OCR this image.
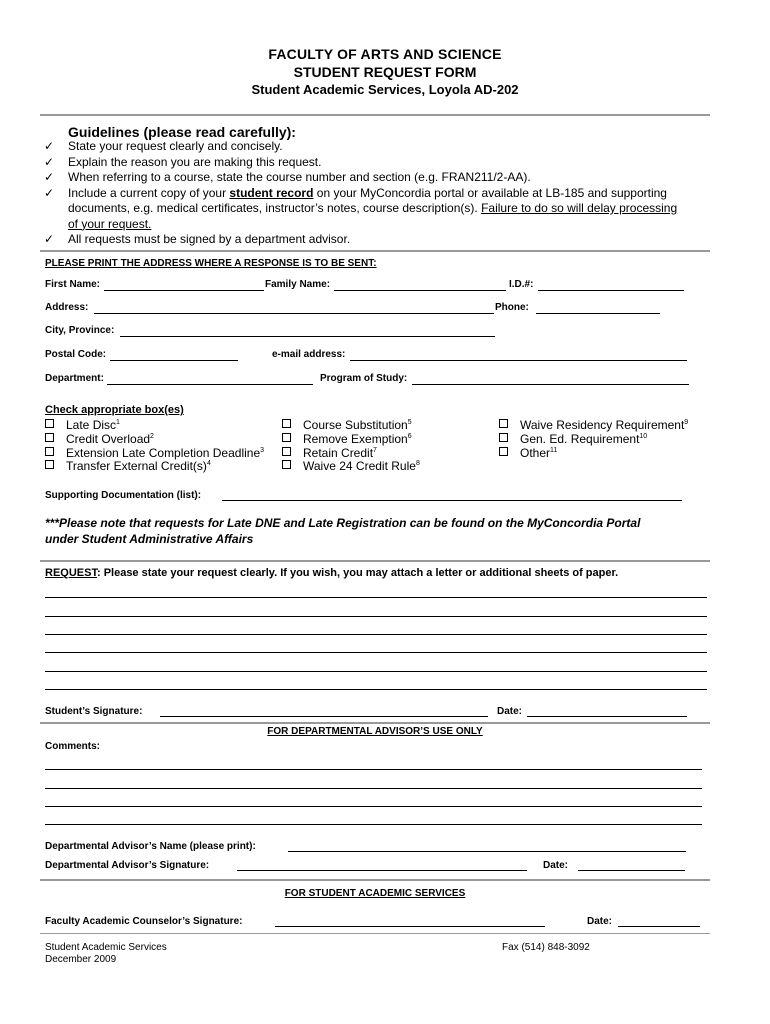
FACULTY OF ARTS AND SCIENCE
STUDENT REQUEST FORM
Student Academic Services, Loyola AD-202
Guidelines (please read carefully):
✓ State your request clearly and concisely.
✓ Explain the reason you are making this request.
✓ When referring to a course, state the course number and section (e.g. FRAN211/2-AA).
✓ Include a current copy of your student record on your MyConcordia portal or available at LB-185 and supporting documents, e.g. medical certificates, instructor’s notes, course description(s). Failure to do so will delay processing of your request.
✓ All requests must be signed by a department advisor.
PLEASE PRINT THE ADDRESS WHERE A RESPONSE IS TO BE SENT:
First Name:	Family Name:	I.D.#:
Address:	Phone:
City, Province:
Postal Code:	e-mail address:
Department:	Program of Study:
Check appropriate box(es)
Late Disc$^1$
Credit Overload$^2$
Extension Late Completion Deadline$^3$
Transfer External $Credit(s)^4$
Course Substitution$^5$
Remove Exemption$^6$
Retain Credit$^7$
Waive 24 Credit Rule$^8$
Waive Residency Requirement$^9$
Gen. Ed. Requirement$^{10}$
Other$^{11}$
Supporting Documentation (list):
***Please note that requests for Late DNE and Late Registration can be found on the MyConcordia Portal
under Student Administrative Affairs
REQUEST: Please state your request clearly. If you wish, you may attach a letter or additional sheets of paper.
Student’s Signature:	Date:
FOR DEPARTMENTAL ADVISOR’S USE ONLY
Comments:
Departmental Advisor’s Name (please print):
Departmental Advisor’s Signature:	Date:
FOR STUDENT ACADEMIC SERVICES
Faculty Academic Counselor’s Signature:	Date:
Student Academic Services
December 2009
Fax (514) 848-3092
